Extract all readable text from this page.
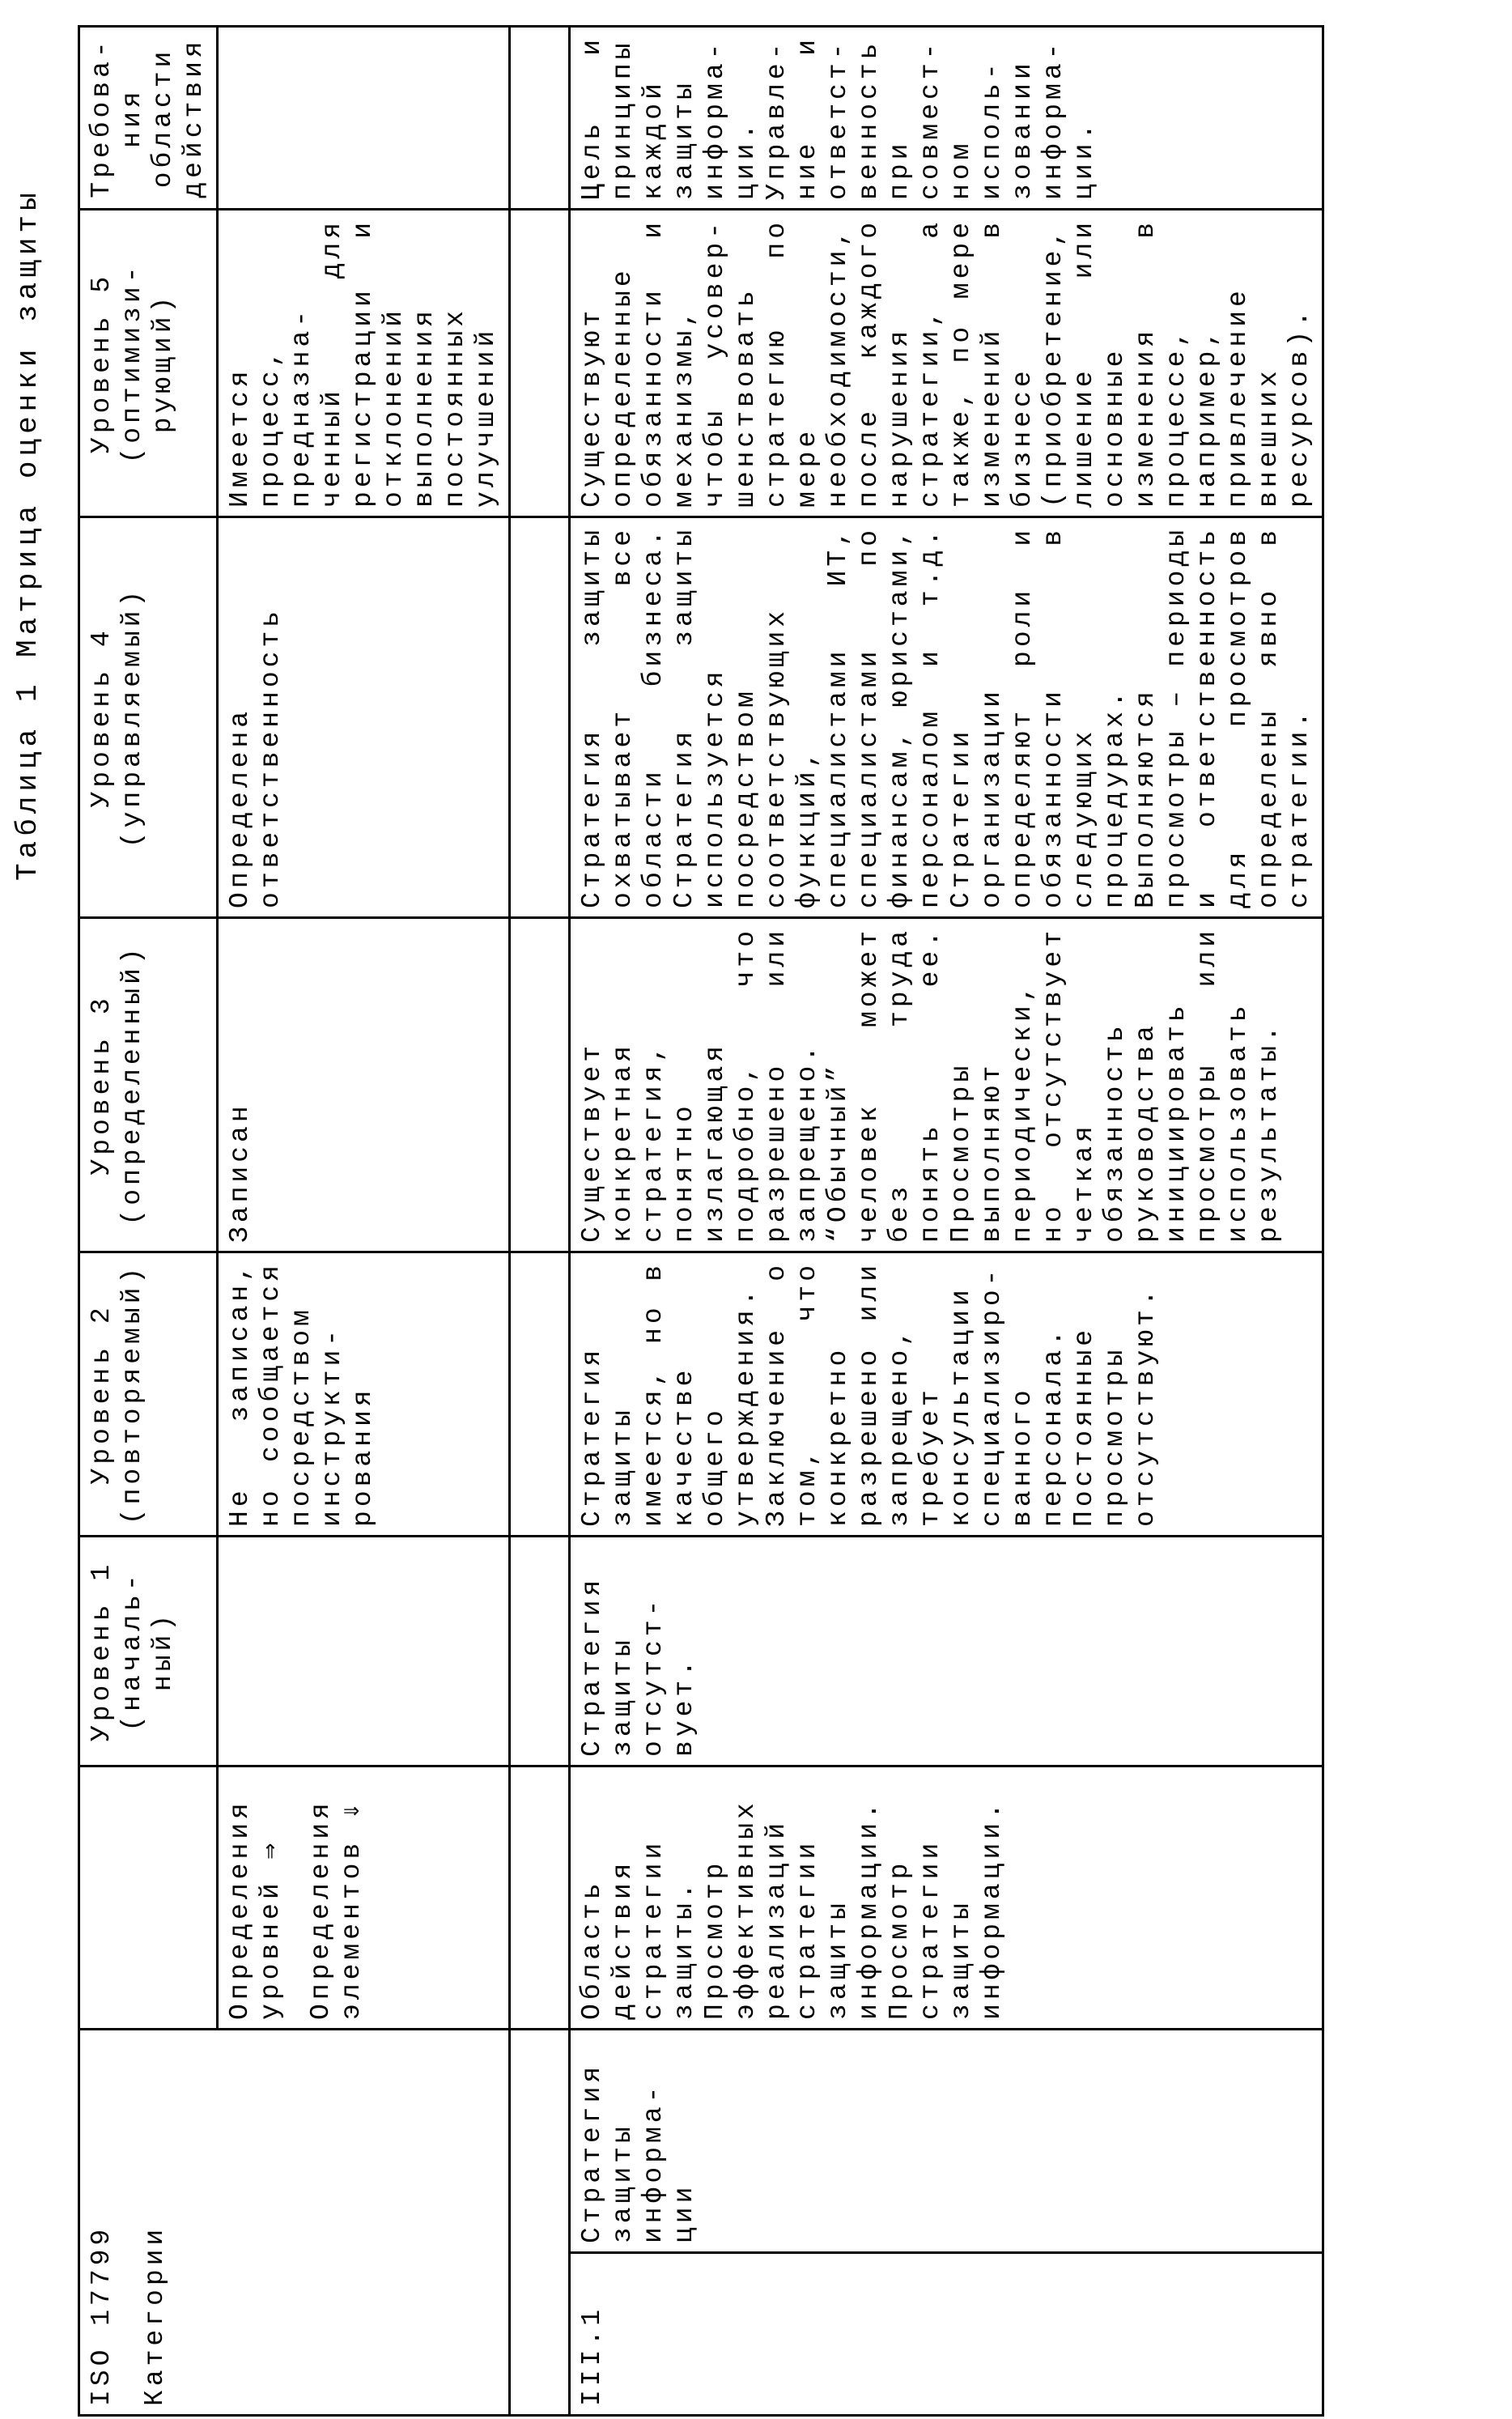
Таблица 1 Матрица оценки защиты
ISO 17799 Категории
		Уровень 1 (началь-ный)	Уровень 2 (повторяемый)	Уровень 3 (определенный)	Уровень 4 (управляемый)	Уровень 5 (оптимизи-рующий)	Требова-ния области действия

Определения уровней ⇒ Определения элементов ⇓
		Не записан, но сообщается посредством инструкти-рования	Записан	Определена ответственность	Имеется процесс, предназна-ченный для регистрации и отклонений выполнения постоянных улучшений	

III.1	Стратегия защиты информа-ции	Область действия стратегии защиты. Просмотр эффективных реализаций стратегии защиты информации. Просмотр стратегии защиты информации.	Стратегия защиты отсутст-вует.	Стратегия защиты имеется, но в качестве общего утверждения. Заключение о том, что конкретно разрешено или запрещено, требует консультации специализиро-ванного персонала. Постоянные просмотры отсутствуют.	Существует конкретная стратегия, понятно излагающая подробно, что разрешено или запрещено. “Обычный” человек может без труда понять ее. Просмотры выполняют периодически, но отсутствует четкая обязанность руководства инициировать просмотры или использовать результаты.	Стратегия защиты охватывает все области бизнеса. Стратегия защиты используется посредством соответствующих функций, специалистами ИТ, специалистами по финансам, юристами, персоналом и т.д. Стратегии организации определяют роли и обязанности в следующих процедурах. Выполняются просмотры – периоды и ответственность для просмотров определены явно в стратегии.	Существуют определенные обязанности и механизмы, чтобы усовер-шенствовать стратегию по мере необходимости, после каждого нарушения стратегии, а также, по мере изменений в бизнесе (приобретение, лишение или основные изменения в процессе, например, привлечение внешних ресурсов).	Цель и принципы каждой защиты информа-ции. Управле-ние и ответст-венность при совмест-ном исполь-зовании информа-ции.
